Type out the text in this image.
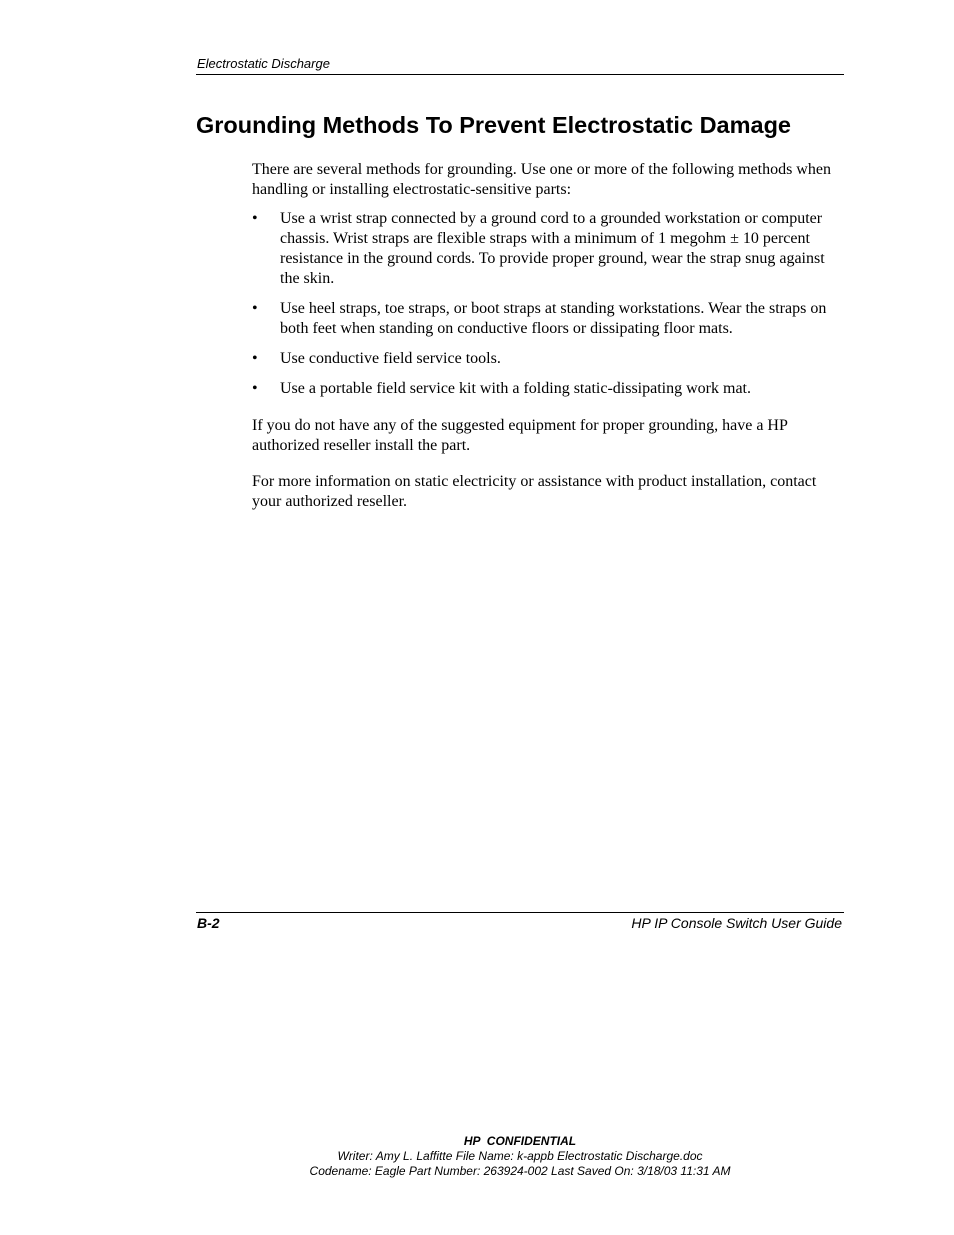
Electrostatic Discharge
Grounding Methods To Prevent Electrostatic Damage

There are several methods for grounding. Use one or more of the following methods when handling or installing electrostatic-sensitive parts:

• Use a wrist strap connected by a ground cord to a grounded workstation or computer chassis. Wrist straps are flexible straps with a minimum of 1 megohm ± 10 percent resistance in the ground cords. To provide proper ground, wear the strap snug against the skin.
• Use heel straps, toe straps, or boot straps at standing workstations. Wear the straps on both feet when standing on conductive floors or dissipating floor mats.
• Use conductive field service tools.
• Use a portable field service kit with a folding static-dissipating work mat.

If you do not have any of the suggested equipment for proper grounding, have a HP authorized reseller install the part.

For more information on static electricity or assistance with product installation, contact your authorized reseller.

B-2	HP IP Console Switch User Guide
HP  CONFIDENTIAL
Writer: Amy L. Laffitte File Name: k-appb Electrostatic Discharge.doc
Codename: Eagle Part Number: 263924-002 Last Saved On: 3/18/03 11:31 AM
